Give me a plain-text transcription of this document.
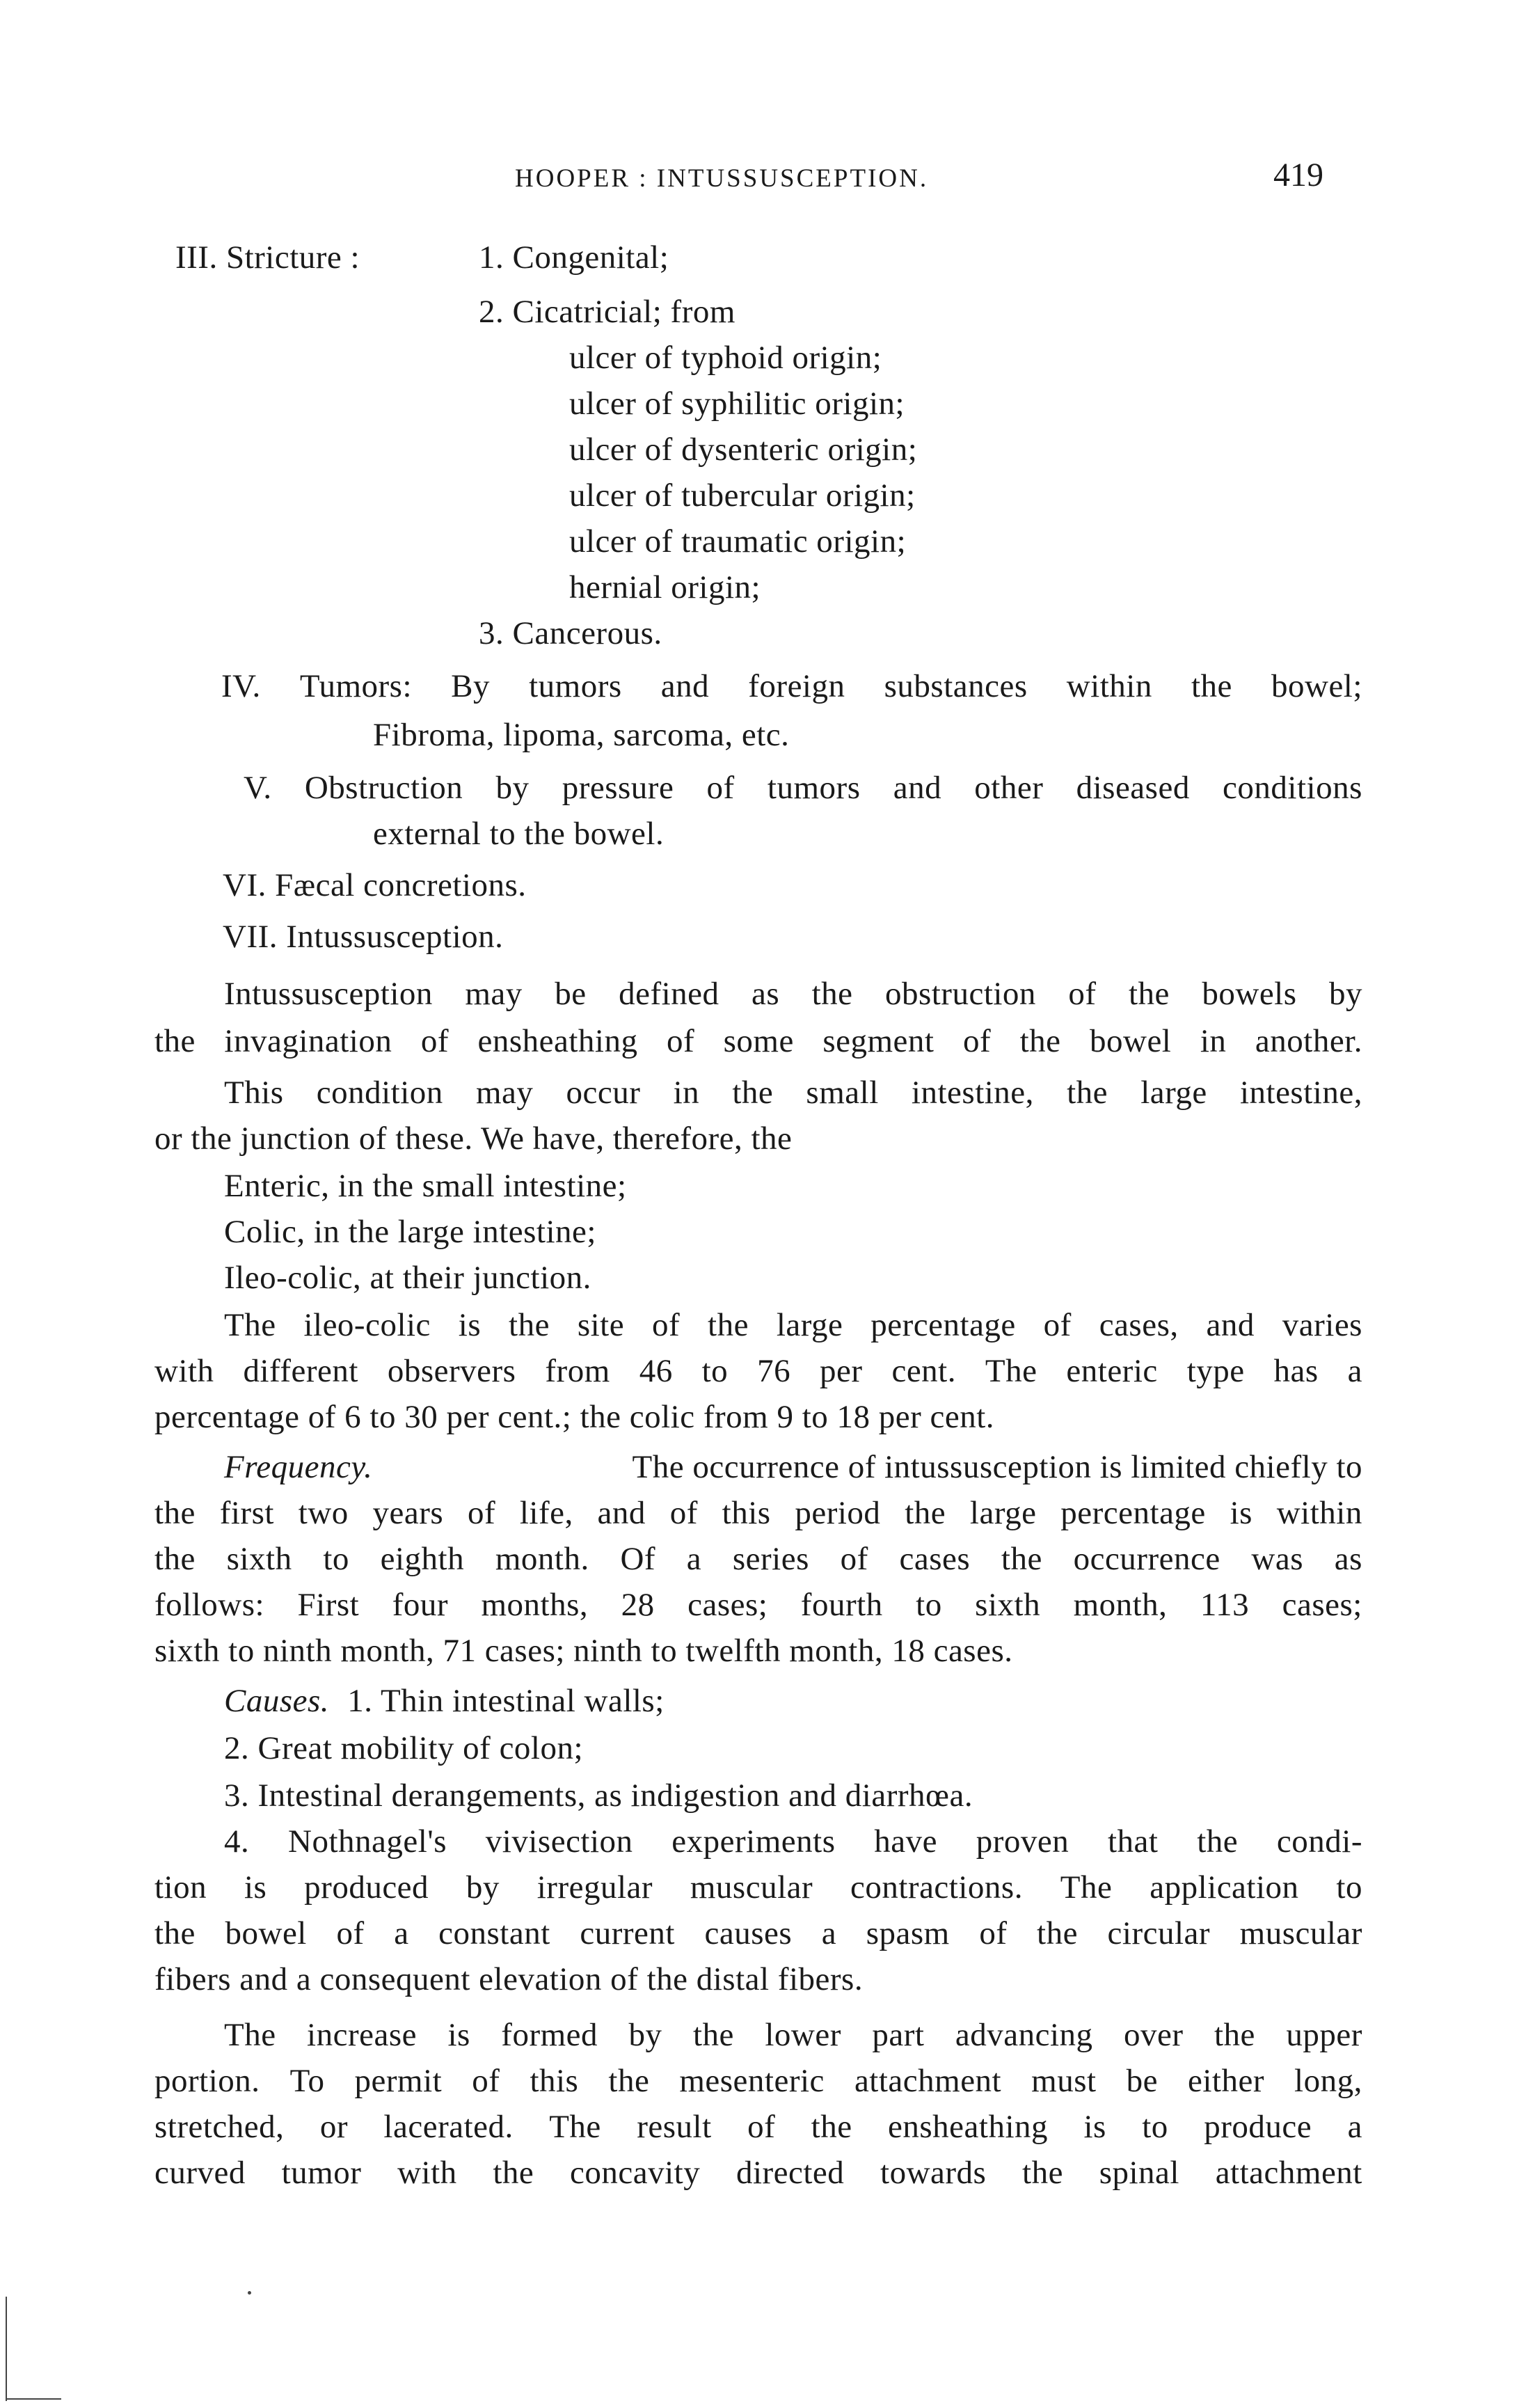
HOOPER : INTUSSUSCEPTION.	419
III. Stricture :	1. Congenital;
2. Cicatricial; from
ulcer of typhoid origin;
ulcer of syphilitic origin;
ulcer of dysenteric origin;
ulcer of tubercular origin;
ulcer of traumatic origin;
hernial origin;
3. Cancerous.
IV. Tumors: By tumors and foreign substances within the bowel;
Fibroma, lipoma, sarcoma, etc.
V. Obstruction by pressure of tumors and other diseased conditions
external to the bowel.
VI. Fæcal concretions.
VII. Intussusception.
Intussusception may be defined as the obstruction of the bowels by
the invagination of ensheathing of some segment of the bowel in another.
This condition may occur in the small intestine, the large intestine,
or the junction of these. We have, therefore, the
Enteric, in the small intestine;
Colic, in the large intestine;
Ileo-colic, at their junction.
The ileo-colic is the site of the large percentage of cases, and varies
with different observers from 46 to 76 per cent. The enteric type has a
percentage of 6 to 30 per cent.; the colic from 9 to 18 per cent.
Frequency.	The occurrence of intussusception is limited chiefly to
the first two years of life, and of this period the large percentage is within
the sixth to eighth month. Of a series of cases the occurrence was as
follows: First four months, 28 cases; fourth to sixth month, 113 cases;
sixth to ninth month, 71 cases; ninth to twelfth month, 18 cases.
Causes. 1. Thin intestinal walls;
2. Great mobility of colon;
3. Intestinal derangements, as indigestion and diarrhœa.
4. Nothnagel's vivisection experiments have proven that the condi-
tion is produced by irregular muscular contractions. The application to
the bowel of a constant current causes a spasm of the circular muscular
fibers and a consequent elevation of the distal fibers.
The increase is formed by the lower part advancing over the upper
portion. To permit of this the mesenteric attachment must be either long,
stretched, or lacerated. The result of the ensheathing is to produce a
curved tumor with the concavity directed towards the spinal attachment
